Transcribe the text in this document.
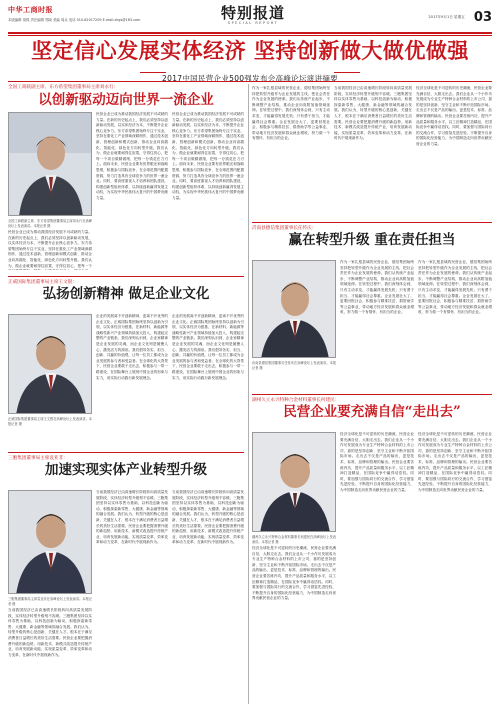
中华工商时报
本版编辑 梁锦 责任编辑 郑晓 美编 周兵 电话 010-62017209 E-mail:zhgs@163.com	特别报道
SPECIAL REPORT
2017年9月1日 星期五 03
坚定信心发展实体经济 坚持创新做大做优做强
2017中国民营企业500强发布会高峰论坛演讲摘要
全国工商联副主席、东方希望集团董事局主席刘永行：
以创新驱动迈向世界一流企业
民营企业已成为推动我国经济发展不可或缺的力量。在新的历史起点上，我们必须坚持以创新驱动发展，以实体经济为本，不断提升企业核心竞争力。东方希望集团始终专注于实业，坚持在重化工产业领域深耕细作，通过技术创新、管理创新和模式创新，推动企业向高端化、智能化、绿色化方向转型升级。我们认为，做企业就要耐得住寂寞，守得住初心，把每一个项目做精做细，把每一分钱花在刀刃上。面向未来，民营企业要有世界眼光和战略思维，积极参与国际竞争，在全球范围内配置资源，努力打造具有全球竞争力的世界一流企业。同时，要高度重视人才培养和团队建设，构建创新型组织体系，以持续创新赢得发展主动权，为实现中华民族伟大复兴的中国梦贡献力量。
民营企业已成为推动我国经济发展不可或缺的力量。在新的历史起点上，我们必须坚持以创新驱动发展，以实体经济为本，不断提升企业核心竞争力。东方希望集团始终专注于实业，坚持在重化工产业领域深耕细作，通过技术创新、管理创新和模式创新，推动企业向高端化、智能化、绿色化方向转型升级。我们认为，做企业就要耐得住寂寞，守得住初心，把每一个项目做精做细，把每一分钱花在刀刃上。面向未来，民营企业要有世界眼光和战略思维，积极参与国际竞争，在全球范围内配置资源，努力打造具有全球竞争力的世界一流企业。同时，要高度重视人才培养和团队建设，构建创新型组织体系，以持续创新赢得发展主动权，为实现中华民族伟大复兴的中国梦贡献力量。
全国工商联副主席、东方希望集团董事局主席刘永行在高峰论坛上发表演讲。本报记者 摄
民营企业已成为推动我国经济发展不可或缺的力量。在新的历史起点上，我们必须坚持以创新驱动发展，以实体经济为本，不断提升企业核心竞争力。东方希望集团始终专注于实业，坚持在重化工产业领域深耕细作，通过技术创新、管理创新和模式创新，推动企业向高端化、智能化、绿色化方向转型升级。我们认为，做企业就要耐得住寂寞，守得住初心，把每一个
作为一家扎根县域的民营企业，德信集团始终坚持把转型升级作为企业发展的主线，把社会责任作为企业发展的使命。我们从传统产业起步，不断调整产业结构，推动企业向高附加值领域延伸。在转型过程中，我们深刻体会到，只有主动求变，才能赢得发展先机；只有勇于担当，才能赢得社会尊重。企业发展壮大了，更要回报社会，积极参与精准扶贫、捐资助学等公益事业，带动地方经济发展和群众就业增收，努力做一个有情怀、有担当的企业。
当前我国经济已由高速增长阶段转向高质量发展阶段，实体经济转型升级刻不容缓。三胞集团坚持以实体零售为基础，以科技创新为驱动，积极探索新零售、大健康、新金融等领域的融合发展。我们认为，转型升级的核心是创新，关键在人才，根本在于满足消费者日益增长的美好生活需要。民营企业要把握消费升级的新趋势，用新技术、新模式改造提升传统产业，培育发展新动能，实现质量变革、效率变革和动力变革，在新时代中展现新作为。
经济全球化是不可逆转的历史潮流，民营企业要充满自信，大胆走出去。我们企业从一个小作坊发展成为专业生产特种合金材料的上市公司，靠的是坚持创新、坚守主业和不断开拓国际市场。走出去不仅是产品的输出，更是技术、标准、品牌和管理的输出。民营企业要苦练内功，提升产品质量和服务水平，以工匠精神打造精品，在国际竞争中赢得话语权。同时，要加强与国际同行的交流合作，学习借鉴先进经验，不断提升自身的国际化经营能力，为中国制造走向世界贡献民营企业的力量。
沂南县德信集团董事长任传庆：
赢在转型升级 重在责任担当
作为一家扎根县域的民营企业，德信集团始终坚持把转型升级作为企业发展的主线，把社会责任作为企业发展的使命。我们从传统产业起步，不断调整产业结构，推动企业向高附加值领域延伸。在转型过程中，我们深刻体会到，只有主动求变，才能赢得发展先机；只有勇于担当，才能赢得社会尊重。企业发展壮大了，更要回报社会，积极参与精准扶贫、捐资助学等公益事业，带动地方经济发展和群众就业增收，努力做一个有情怀、有担当的企业。
作为一家扎根县域的民营企业，德信集团始终坚持把转型升级作为企业发展的主线，把社会责任作为企业发展的使命。我们从传统产业起步，不断调整产业结构，推动企业向高附加值领域延伸。在转型过程中，我们深刻体会到，只有主动求变，才能赢得发展先机；只有勇于担当，才能赢得社会尊重。企业发展壮大了，更要回报社会，积极参与精准扶贫、捐资助学等公益事业，带动地方经济发展和群众就业增收，努力做一个有情怀、有担当的企业。
沂南县德信集团董事长任传庆在高峰论坛上发表演讲。本报记者 摄
正威国际集团董事局主席王文银：
弘扬创新精神 做足企业文化
企业的发展离不开创新精神，更离不开优秀的企业文化。正威国际集团始终坚持以创新为引领，以实体经济为根基，在新材料、新能源等战略性新兴产业领域持续加大投入，构建起完整的产业链条。我们深刻认识到，企业家精神是企业发展的灵魂，而企业文化则是凝聚人心、激发活力的源泉。我们倡导务实、担当、创新、共赢的价值观，让每一位员工都成为企业发展的参与者和受益者。在全球化的大背景下，民营企业要敢于走出去，积极参与一带一路建设，在国际舞台上展现中国企业的形象与实力，用实际行动践行新发展理念。
企业的发展离不开创新精神，更离不开优秀的企业文化。正威国际集团始终坚持以创新为引领，以实体经济为根基，在新材料、新能源等战略性新兴产业领域持续加大投入，构建起完整的产业链条。我们深刻认识到，企业家精神是企业发展的灵魂，而企业文化则是凝聚人心、激发活力的源泉。我们倡导务实、担当、创新、共赢的价值观，让每一位员工都成为企业发展的参与者和受益者。在全球化的大背景下，民营企业要敢于走出去，积极参与一带一路建设，在国际舞台上展现中国企业的形象与实力，用实际行动践行新发展理念。
正威国际集团董事局主席王文银在高峰论坛上发表演讲。本报记者 摄
湖州久立永兴特种合金材料董事长何建民：
民营企业要充满自信“走出去”
经济全球化是不可逆转的历史潮流，民营企业要充满自信，大胆走出去。我们企业从一个小作坊发展成为专业生产特种合金材料的上市公司，靠的是坚持创新、坚守主业和不断开拓国际市场。走出去不仅是产品的输出，更是技术、标准、品牌和管理的输出。民营企业要苦练内功，提升产品质量和服务水平，以工匠精神打造精品，在国际竞争中赢得话语权。同时，要加强与国际同行的交流合作，学习借鉴先进经验，不断提升自身的国际化经营能力，为中国制造走向世界贡献民营企业的力量。
经济全球化是不可逆转的历史潮流，民营企业要充满自信，大胆走出去。我们企业从一个小作坊发展成为专业生产特种合金材料的上市公司，靠的是坚持创新、坚守主业和不断开拓国际市场。走出去不仅是产品的输出，更是技术、标准、品牌和管理的输出。民营企业要苦练内功，提升产品质量和服务水平，以工匠精神打造精品，在国际竞争中赢得话语权。同时，要加强与国际同行的交流合作，学习借鉴先进经验，不断提升自身的国际化经营能力，为中国制造走向世界贡献民营企业的力量。
湖州久立永兴特种合金材料董事长何建民在高峰论坛上发表演讲。本报记者 摄
经济全球化是不可逆转的历史潮流，民营企业要充满自信，大胆走出去。我们企业从一个小作坊发展成为专业生产特种合金材料的上市公司，靠的是坚持创新、坚守主业和不断开拓国际市场。走出去不仅是产品的输出，更是技术、标准、品牌和管理的输出。民营企业要苦练内功，提升产品质量和服务水平，以工匠精神打造精品，在国际竞争中赢得话语权。同时，要加强与国际同行的交流合作，学习借鉴先进经验，不断提升自身的国际化经营能力，为中国制造走向世界贡献民营企业的力量。
三胞集团董事局主席袁亚非：
加速实现实体产业转型升级
当前我国经济已由高速增长阶段转向高质量发展阶段，实体经济转型升级刻不容缓。三胞集团坚持以实体零售为基础，以科技创新为驱动，积极探索新零售、大健康、新金融等领域的融合发展。我们认为，转型升级的核心是创新，关键在人才，根本在于满足消费者日益增长的美好生活需要。民营企业要把握消费升级的新趋势，用新技术、新模式改造提升传统产业，培育发展新动能，实现质量变革、效率变革和动力变革，在新时代中展现新作为。
当前我国经济已由高速增长阶段转向高质量发展阶段，实体经济转型升级刻不容缓。三胞集团坚持以实体零售为基础，以科技创新为驱动，积极探索新零售、大健康、新金融等领域的融合发展。我们认为，转型升级的核心是创新，关键在人才，根本在于满足消费者日益增长的美好生活需要。民营企业要把握消费升级的新趋势，用新技术、新模式改造提升传统产业，培育发展新动能，实现质量变革、效率变革和动力变革，在新时代中展现新作为。
三胞集团董事局主席袁亚非在高峰论坛上发表演讲。本报记者 摄
当前我国经济已由高速增长阶段转向高质量发展阶段，实体经济转型升级刻不容缓。三胞集团坚持以实体零售为基础，以科技创新为驱动，积极探索新零售、大健康、新金融等领域的融合发展。我们认为，转型升级的核心是创新，关键在人才，根本在于满足消费者日益增长的美好生活需要。民营企业要把握消费升级的新趋势，用新技术、新模式改造提升传统产业，培育发展新动能，实现质量变革、效率变革和动力变革，在新时代中展现新作为。
